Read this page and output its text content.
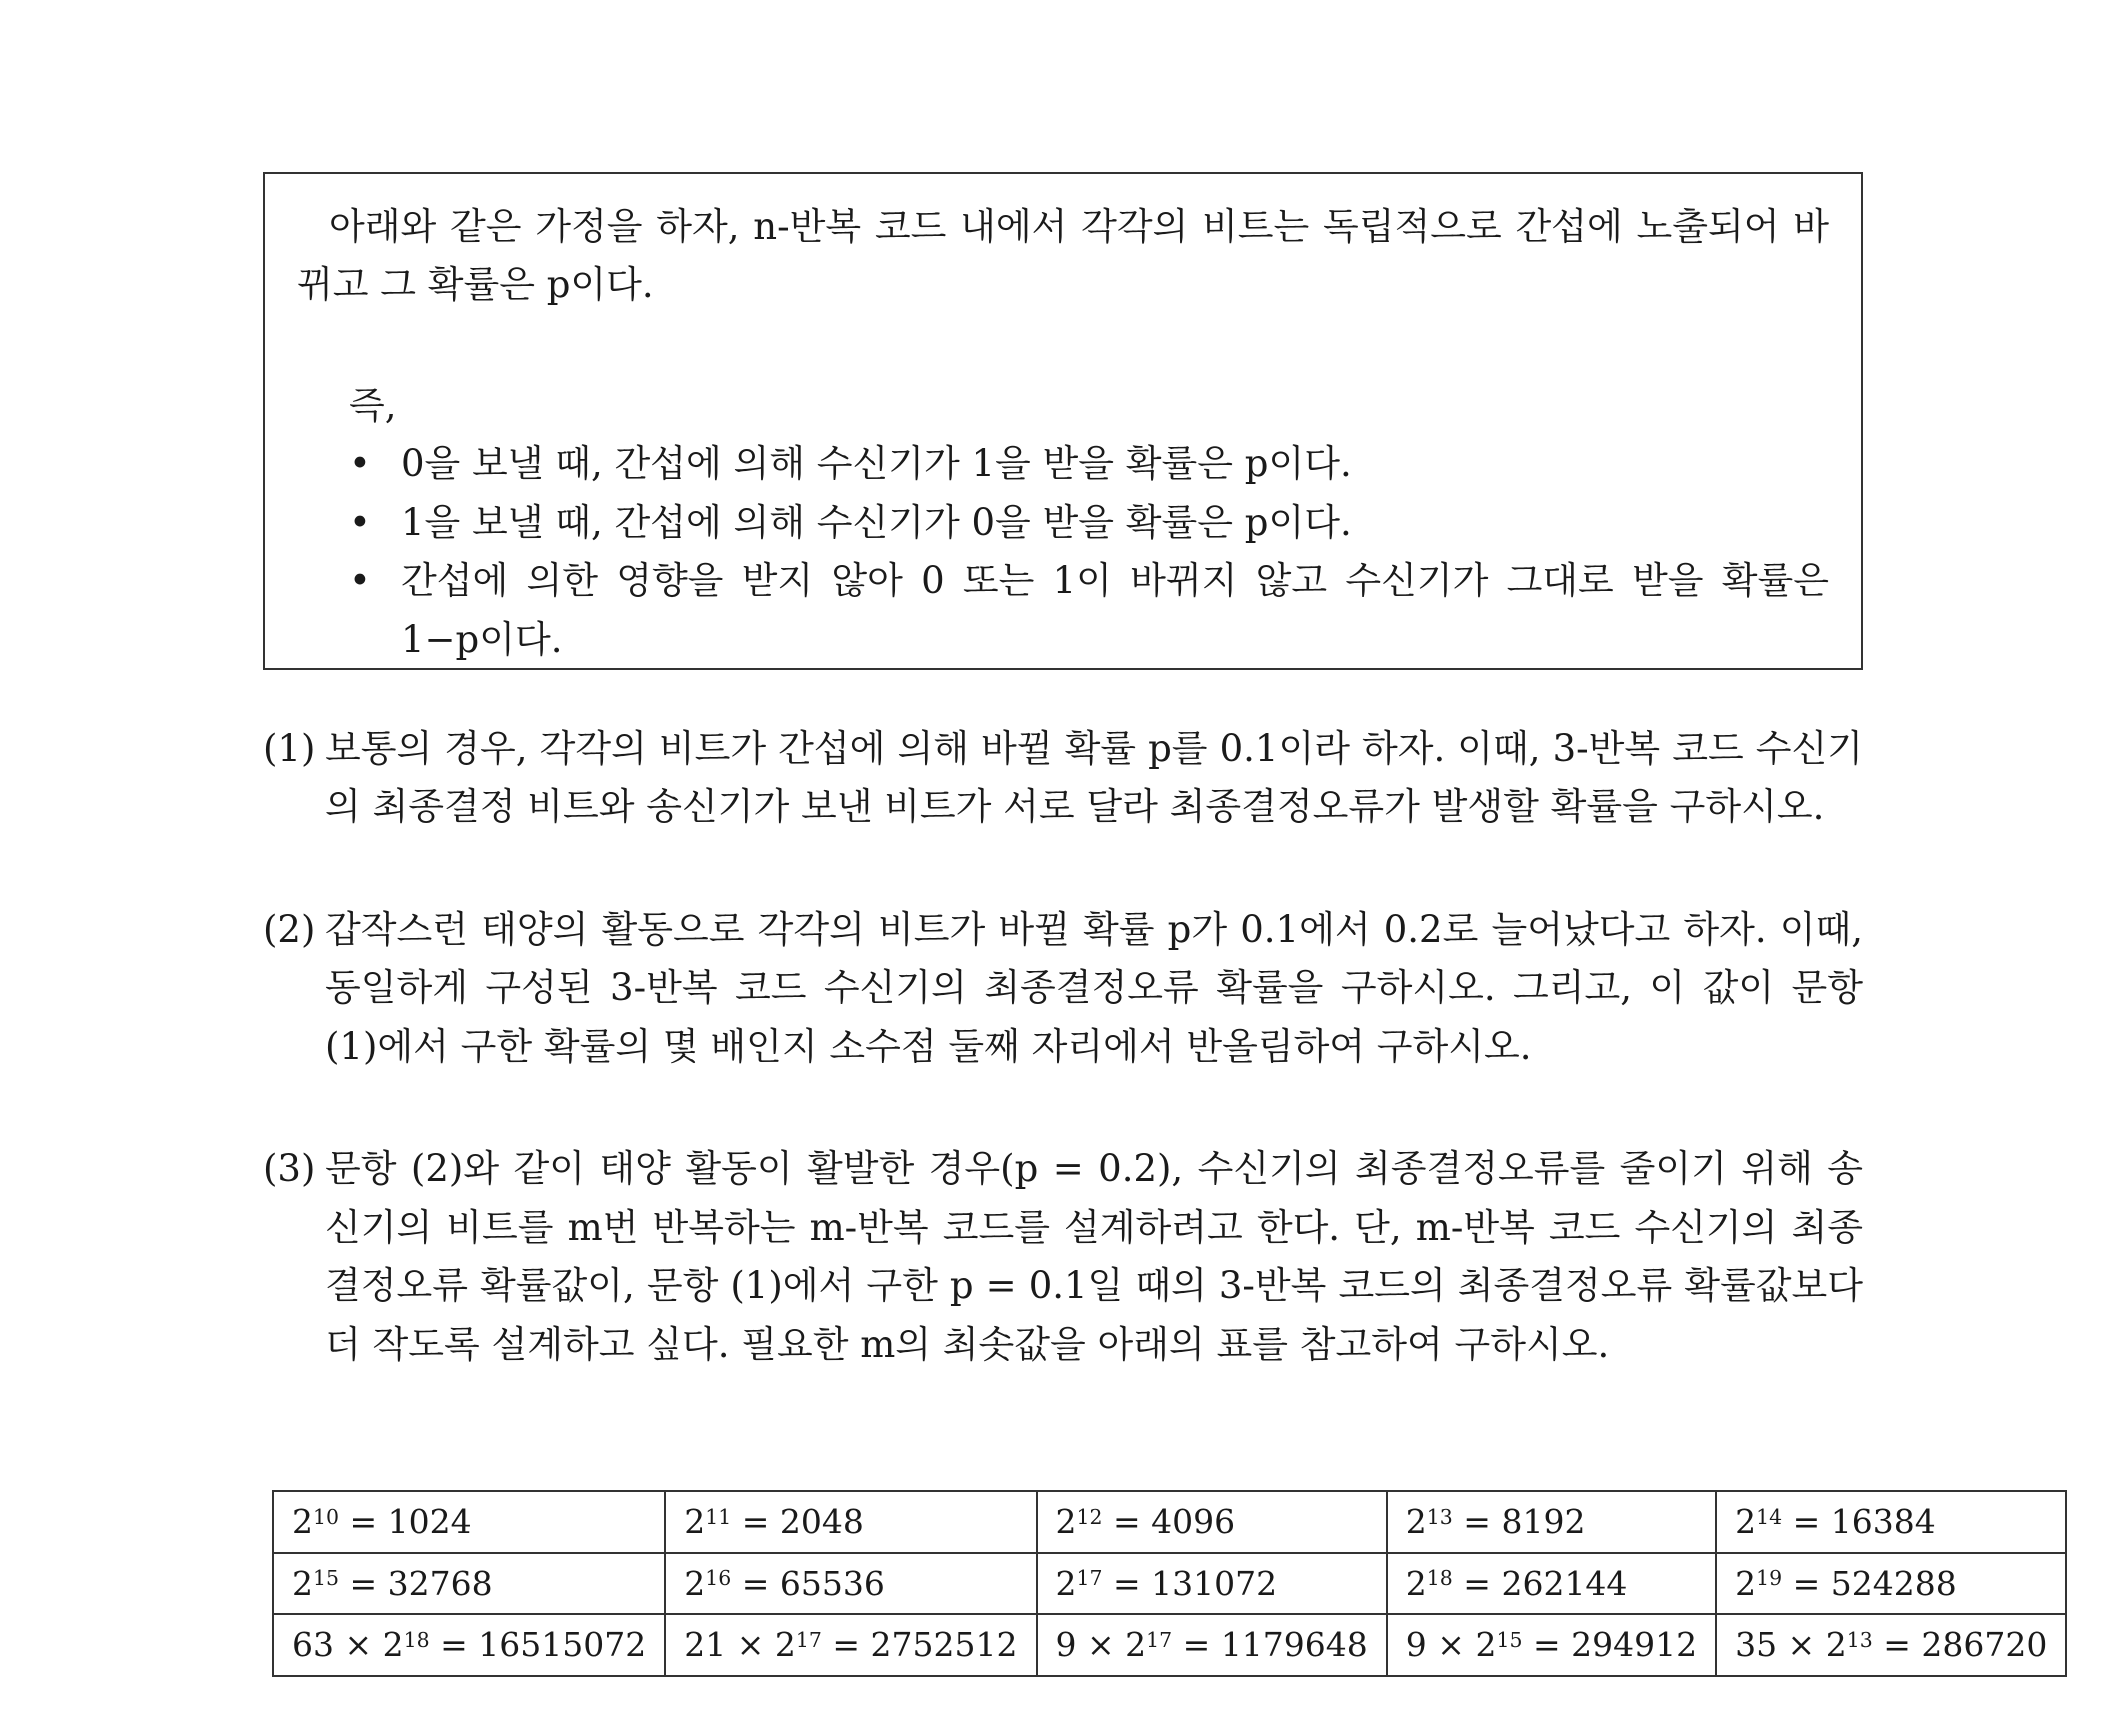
아래와 같은 가정을 하자, n-반복 코드 내에서 각각의 비트는 독립적으로 간섭에 노출되어 바뀌고 그 확률은 p이다.

즉,
• 0을 보낼 때, 간섭에 의해 수신기가 1을 받을 확률은 p이다.
• 1을 보낼 때, 간섭에 의해 수신기가 0을 받을 확률은 p이다.
• 간섭에 의한 영향을 받지 않아 0 또는 1이 바뀌지 않고 수신기가 그대로 받을 확률은 1−p이다.
(1) 보통의 경우, 각각의 비트가 간섭에 의해 바뀔 확률 p를 0.1이라 하자. 이때, 3-반복 코드 수신기의 최종결정 비트와 송신기가 보낸 비트가 서로 달라 최종결정오류가 발생할 확률을 구하시오.
(2) 갑작스런 태양의 활동으로 각각의 비트가 바뀔 확률 p가 0.1에서 0.2로 늘어났다고 하자. 이때, 동일하게 구성된 3-반복 코드 수신기의 최종결정오류 확률을 구하시오. 그리고, 이 값이 문항 (1)에서 구한 확률의 몇 배인지 소수점 둘째 자리에서 반올림하여 구하시오.
(3) 문항 (2)와 같이 태양 활동이 활발한 경우(p = 0.2), 수신기의 최종결정오류를 줄이기 위해 송신기의 비트를 m번 반복하는 m-반복 코드를 설계하려고 한다. 단, m-반복 코드 수신기의 최종결정오류 확률값이, 문항 (1)에서 구한 p = 0.1일 때의 3-반복 코드의 최종결정오류 확률값보다 더 작도록 설계하고 싶다. 필요한 m의 최솟값을 아래의 표를 참고하여 구하시오.
$2^{10} = 1024$	$2^{11} = 2048$	$2^{12} = 4096$	$2^{13} = 8192$	$2^{14} = 16384$
$2^{15} = 32768$	$2^{16} = 65536$	$2^{17} = 131072$	$2^{18} = 262144$	$2^{19} = 524288$
$63 \times 2^{18} = 16515072$	$21 \times 2^{17} = 2752512$	$9 \times 2^{17} = 1179648$	$9 \times 2^{15} = 294912$	$35 \times 2^{13} = 286720$
